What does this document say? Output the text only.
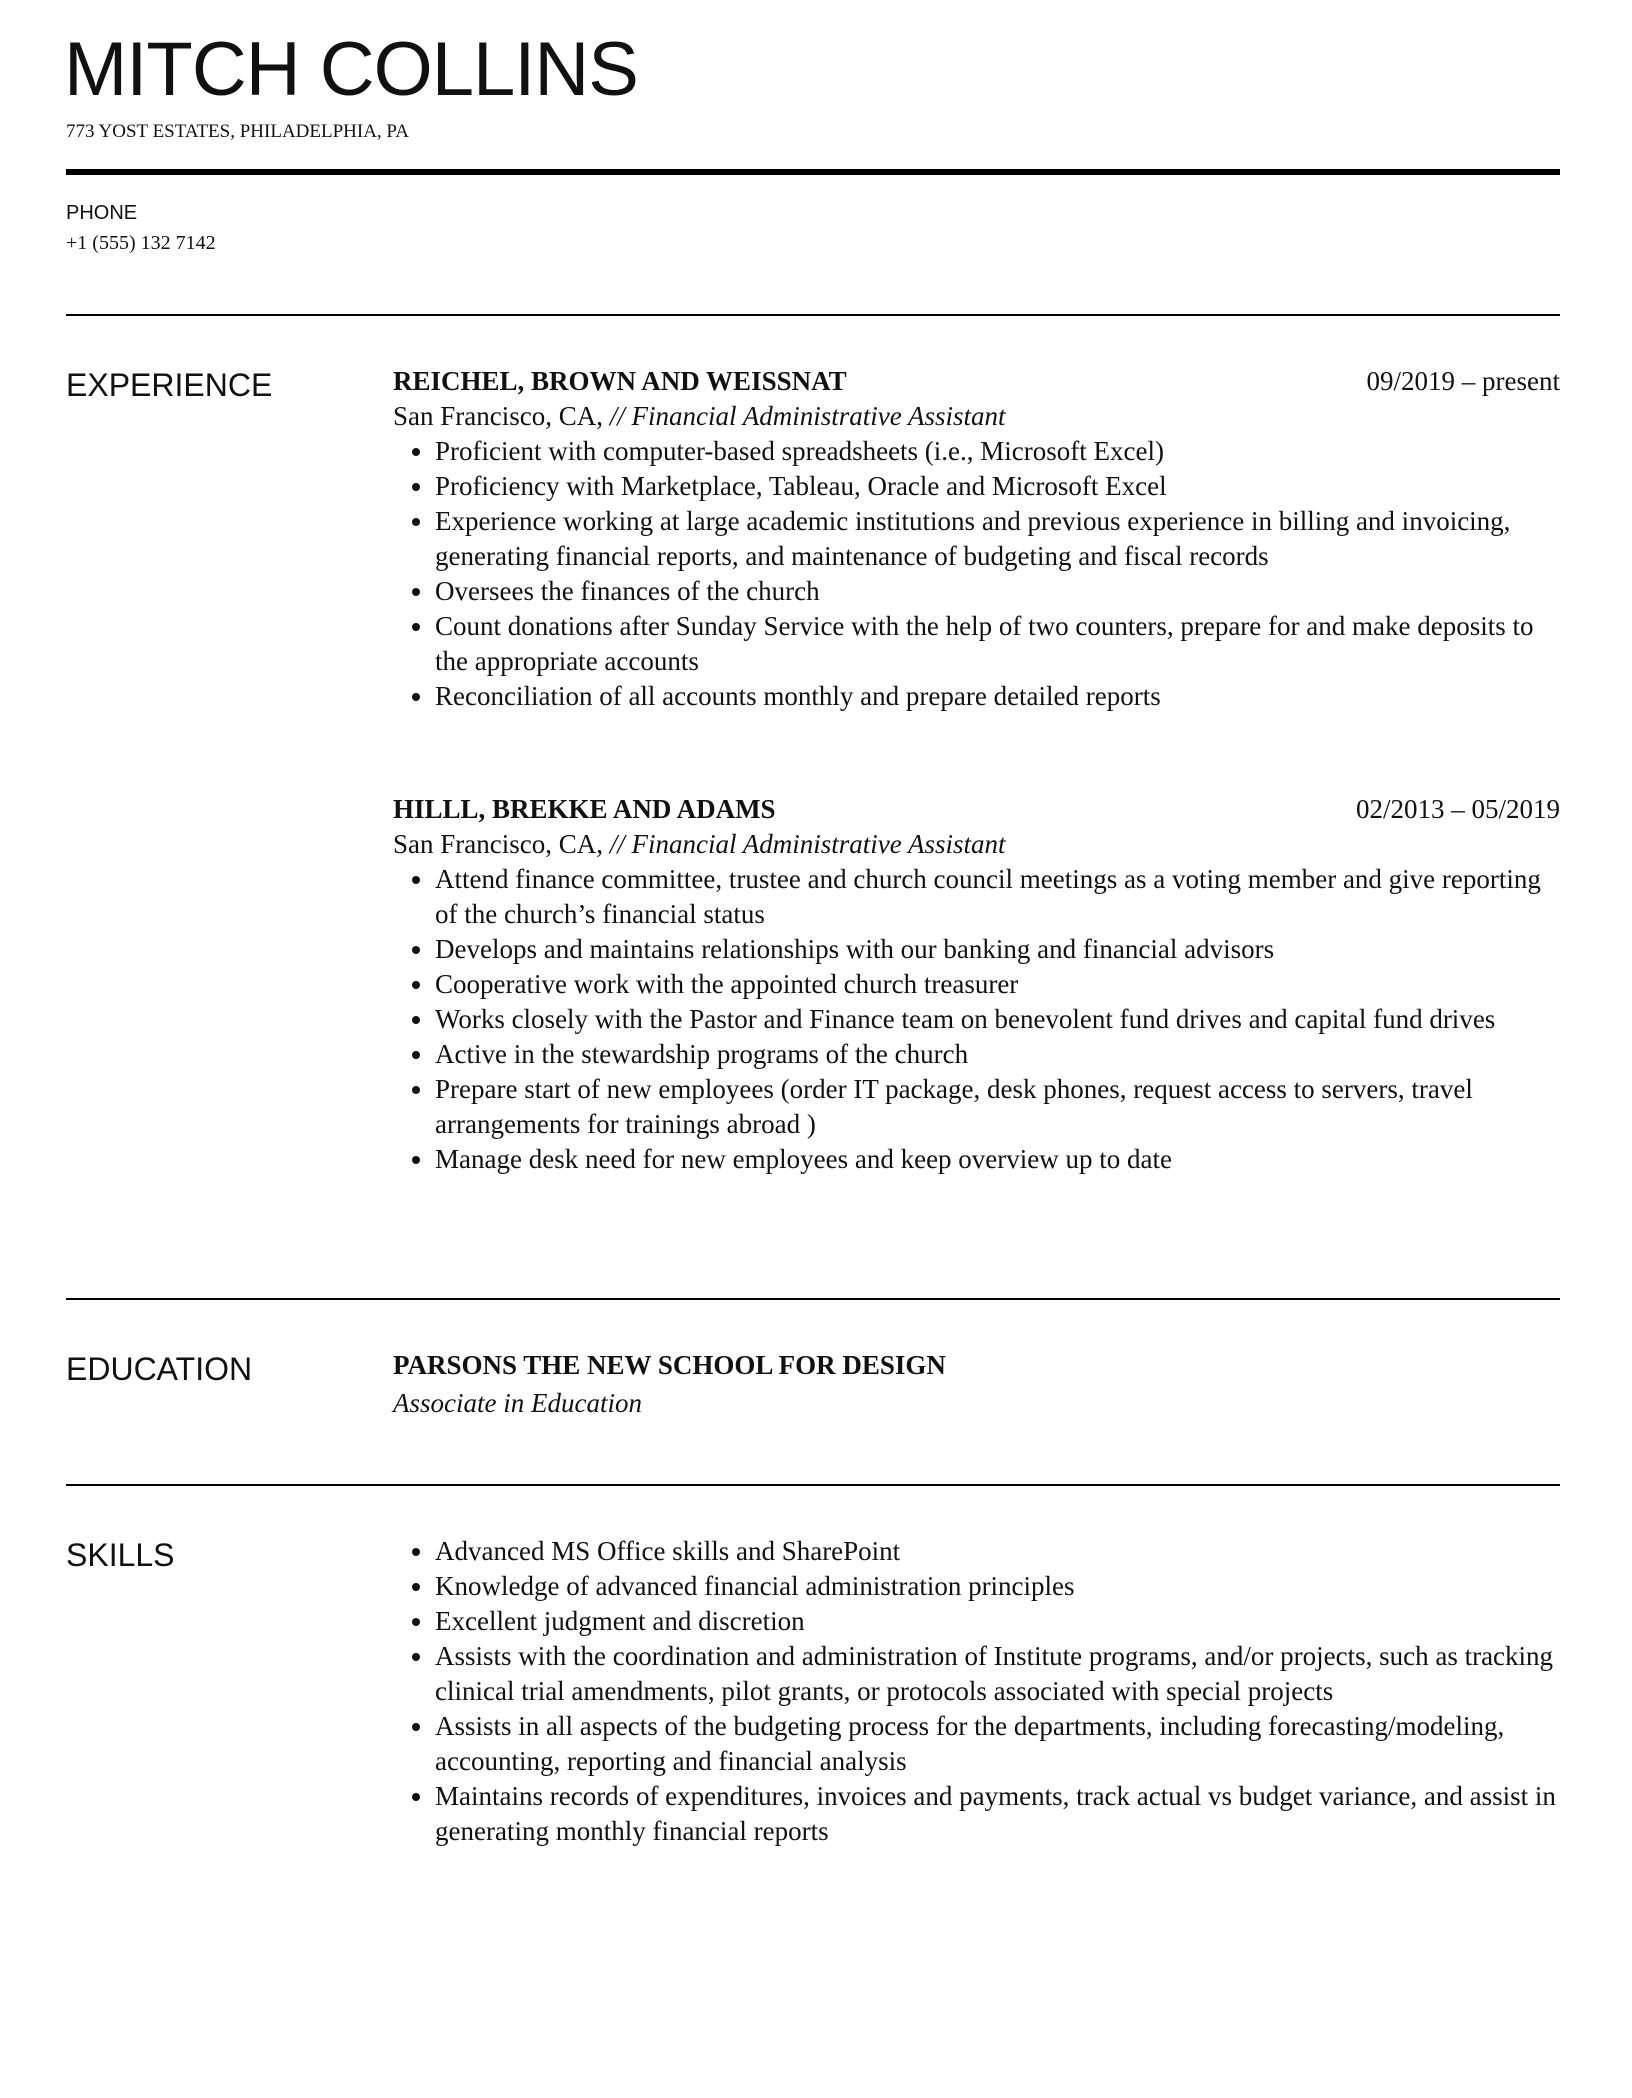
MITCH COLLINS
773 YOST ESTATES, PHILADELPHIA, PA
PHONE
+1 (555) 132 7142
EXPERIENCE	REICHEL, BROWN AND WEISSNAT	09/2019 – present
San Francisco, CA, // Financial Administrative Assistant
• Proficient with computer-based spreadsheets (i.e., Microsoft Excel)
• Proficiency with Marketplace, Tableau, Oracle and Microsoft Excel
• Experience working at large academic institutions and previous experience in billing and invoicing, generating financial reports, and maintenance of budgeting and fiscal records
• Oversees the finances of the church
• Count donations after Sunday Service with the help of two counters, prepare for and make deposits to the appropriate accounts
• Reconciliation of all accounts monthly and prepare detailed reports
HILLL, BREKKE AND ADAMS	02/2013 – 05/2019
San Francisco, CA, // Financial Administrative Assistant
• Attend finance committee, trustee and church council meetings as a voting member and give reporting of the church’s financial status
• Develops and maintains relationships with our banking and financial advisors
• Cooperative work with the appointed church treasurer
• Works closely with the Pastor and Finance team on benevolent fund drives and capital fund drives
• Active in the stewardship programs of the church
• Prepare start of new employees (order IT package, desk phones, request access to servers, travel arrangements for trainings abroad )
• Manage desk need for new employees and keep overview up to date
EDUCATION	PARSONS THE NEW SCHOOL FOR DESIGN
Associate in Education
SKILLS	• Advanced MS Office skills and SharePoint
• Knowledge of advanced financial administration principles
• Excellent judgment and discretion
• Assists with the coordination and administration of Institute programs, and/or projects, such as tracking clinical trial amendments, pilot grants, or protocols associated with special projects
• Assists in all aspects of the budgeting process for the departments, including forecasting/modeling, accounting, reporting and financial analysis
• Maintains records of expenditures, invoices and payments, track actual vs budget variance, and assist in generating monthly financial reports
